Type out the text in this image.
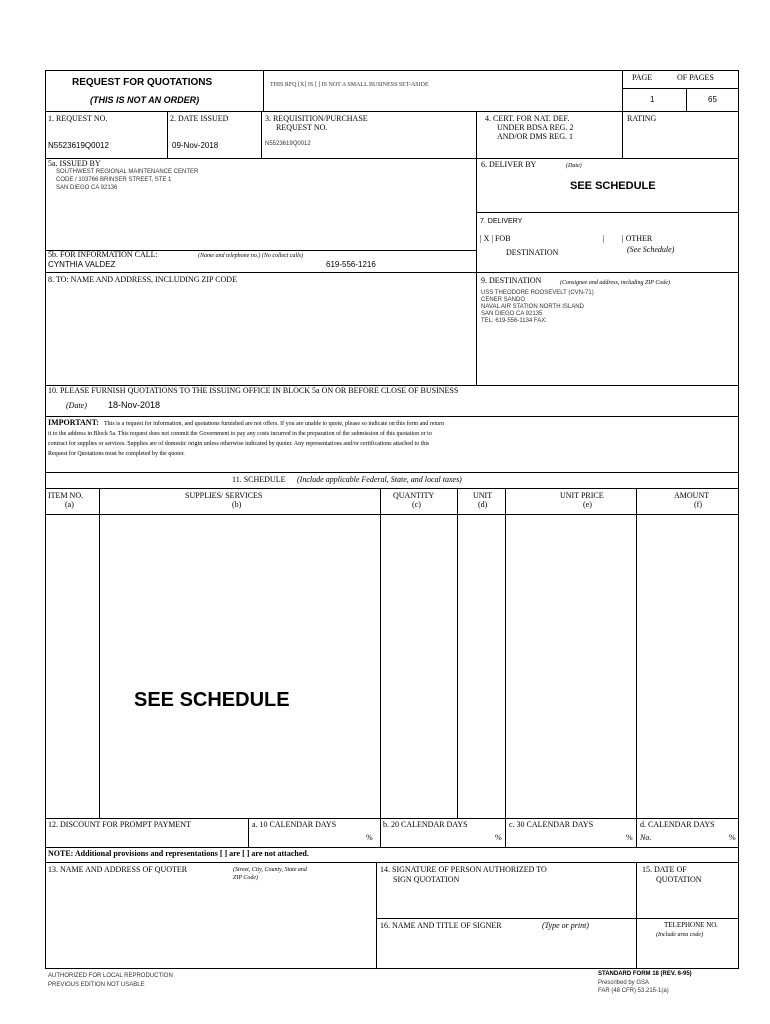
REQUEST FOR QUOTATIONS
(THIS IS NOT AN ORDER)
THIS RFQ [X] IS [ ] IS NOT A SMALL BUSINESS SET-ASIDE
PAGE	OF PAGES
1	65
1. REQUEST NO.
N5523619Q0012
2. DATE ISSUED
09-Nov-2018
3. REQUISITION/PURCHASE
REQUEST NO.
N5523619Q0012
4. CERT. FOR NAT. DEF.
UNDER BDSA REG. 2
AND/OR DMS REG. 1
RATING
5a. ISSUED BY
SOUTHWEST REGIONAL MAINTENANCE CENTER
CODE / 103766 BRINSER STREET, STE 1
SAN DIEGO CA 92136
6. DELIVER BY	(Date)
SEE SCHEDULE
7. DELIVERY
| X | FOB
DESTINATION
| | OTHER
(See Schedule)
5b. FOR INFORMATION CALL:	(Name and telephone no.) (No collect calls)
CYNTHIA VALDEZ	619-556-1216
8. TO: NAME AND ADDRESS, INCLUDING ZIP CODE	9. DESTINATION	(Consignee and address, including ZIP Code)
USS THEODORE ROOSEVELT (CVN-71)
CENER SANDO
NAVAL AIR STATION NORTH ISLAND
SAN DIEGO CA 92135
TEL: 619-556-1134 FAX:
10. PLEASE FURNISH QUOTATIONS TO THE ISSUING OFFICE IN BLOCK 5a ON OR BEFORE CLOSE OF BUSINESS
(Date) 18-Nov-2018
IMPORTANT: This is a request for information, and quotations furnished are not offers. If you are unable to quote, please so indicate on this form and return
it to the address in Block 5a. This request does not commit the Government to pay any costs incurred in the preparation of the submission of this quotation or to
contract for supplies or services. Supplies are of domestic origin unless otherwise indicated by quoter. Any representations and/or certifications attached to this
Request for Quotations must be completed by the quoter.
11. SCHEDULE (Include applicable Federal, State, and local taxes)
ITEM NO.
(a)
SUPPLIES/ SERVICES
(b)
QUANTITY
(c)
UNIT
(d)
UNIT PRICE
(e)
AMOUNT
(f)
SEE SCHEDULE
12. DISCOUNT FOR PROMPT PAYMENT	a. 10 CALENDAR DAYS
%
b. 20 CALENDAR DAYS
%
c. 30 CALENDAR DAYS
%
d. CALENDAR DAYS
No.	%
NOTE: Additional provisions and representations [ ] are [ ] are not attached.
13. NAME AND ADDRESS OF QUOTER	(Street, City, County, State and
ZIP Code)
14. SIGNATURE OF PERSON AUTHORIZED TO
SIGN QUOTATION
15. DATE OF
QUOTATION
16. NAME AND TITLE OF SIGNER	(Type or print)	TELEPHONE NO.
(Include area code)
AUTHORIZED FOR LOCAL REPRODUCTION
PREVIOUS EDITION NOT USABLE
STANDARD FORM 18 (REV. 6-95)
Prescribed by GSA
FAR (48 CFR) 53.215-1(a)
